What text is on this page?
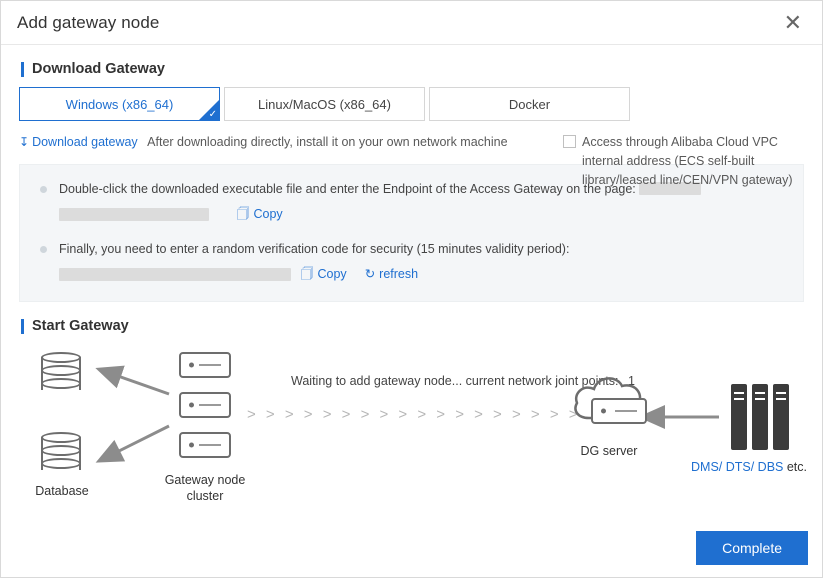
Add gateway node	✕
Download Gateway
Windows (x86_64)
✓
Linux/MacOS (x86_64)	Docker
↧ Download gateway After downloading directly, install it on your own network machine	Access through Alibaba Cloud VPC internal address (ECS self-built library/leased line/CEN/VPN gateway)
Double-click the downloaded executable file and enter the Endpoint of the Access Gateway on the page:
🗍 Copy
Finally, you need to enter a random verification code for security (15 minutes validity period):
🗍 Copy ↻ refresh
Start Gateway
Database
Gateway node cluster
Waiting to add gateway node... current network joint points: 1
> > > > > > > > > > > > > > > > > >
DG server
DMS/ DTS/ DBS etc.
Complete
